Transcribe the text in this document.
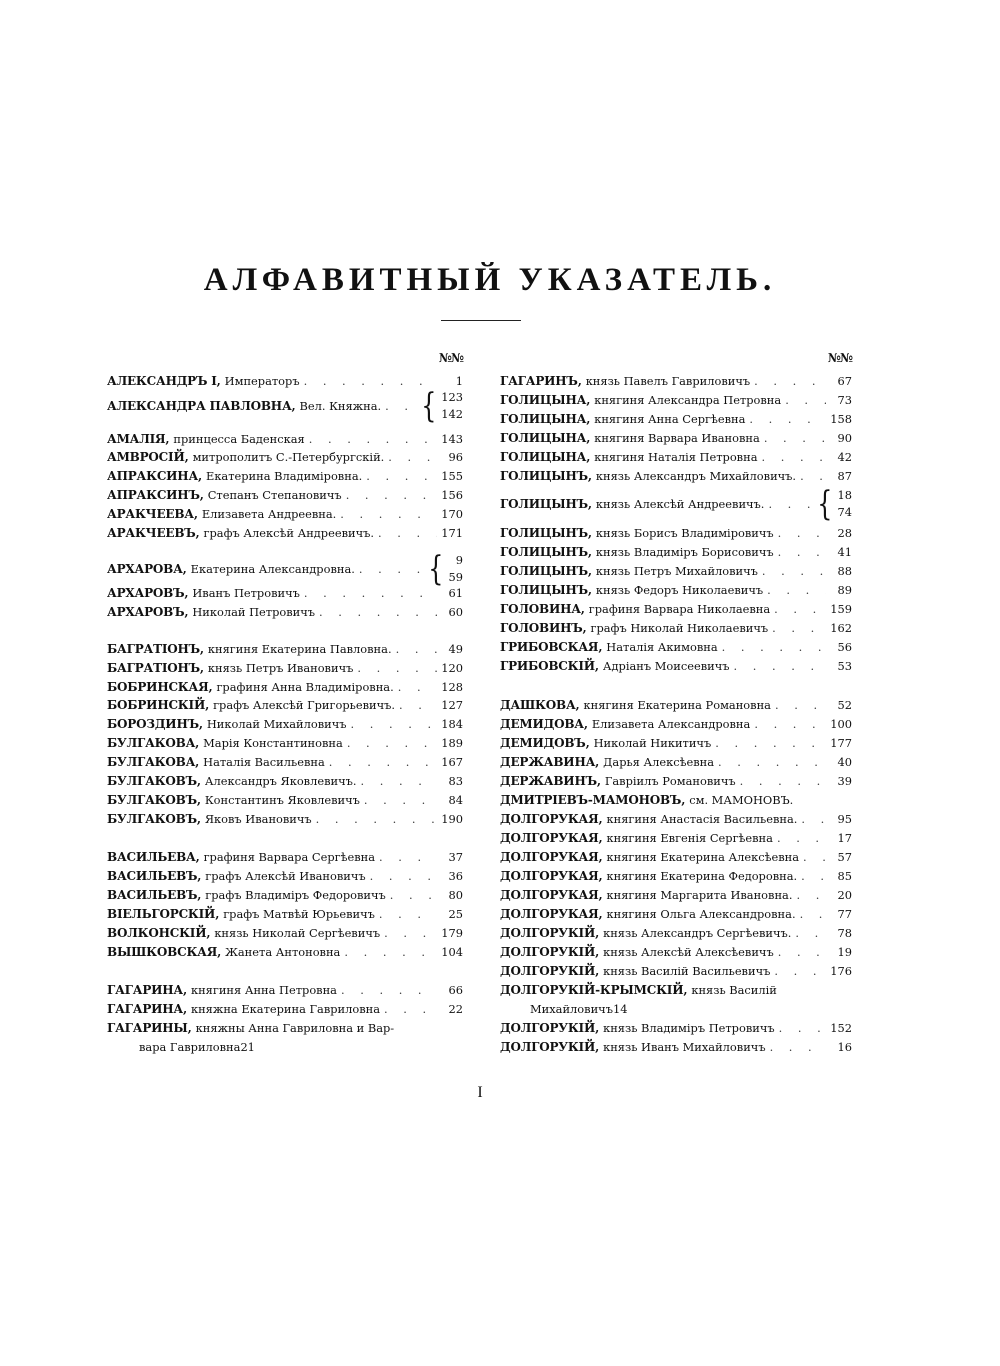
АЛФАВИТНЫЙ УКАЗАТЕЛЬ.
№№
АЛЕКСАНДРЪ I, Императоръ . . .	1
АЛЕКСАНДРА ПАВЛОВНА, Вел. Княжна. . . . { 123
142
АМАЛІЯ, принцесса Баденская . . .	143
АМВРОСІЙ, митрополитъ С.-Петербургскій. . . .	96
АПРАКСИНА, Екатерина Владиміровна. . . .	155
АПРАКСИНЪ, Степанъ Степановичъ . . .	156
АРАКЧЕЕВА, Елизавета Андреевна. . . .	170
АРАКЧЕЕВЪ, графъ Алексѣй Андреевичъ. . . .	171
АРХАРОВА, Екатерина Александровна. . . . {	9
59
АРХАРОВЪ, Иванъ Петровичъ . . .	61
АРХАРОВЪ, Николай Петровичъ . . .	60
БАГРАТІОНЪ, княгиня Екатерина Павловна. . . .	49
БАГРАТІОНЪ, князь Петръ Ивановичъ . . .	120
БОБРИНСКАЯ, графиня Анна Владиміровна. . . .	128
БОБРИНСКІЙ, графъ Алексѣй Григорьевичъ. . . .	127
БОРОЗДИНЪ, Николай Михайловичъ . . .	184
БУЛГАКОВА, Марія Константиновна . . .	189
БУЛГАКОВА, Наталія Васильевна . . .	167
БУЛГАКОВЪ, Александръ Яковлевичъ. . . .	83
БУЛГАКОВЪ, Константинъ Яковлевичъ . . .	84
БУЛГАКОВЪ, Яковъ Ивановичъ . . .	190
ВАСИЛЬЕВА, графиня Варвара Сергѣевна . . .	37
ВАСИЛЬЕВЪ, графъ Алексѣй Ивановичъ . . .	36
ВАСИЛЬЕВЪ, графъ Владиміръ Федоровичъ . . .	80
ВІЕЛЬГОРСКІЙ, графъ Матвѣй Юрьевичъ . . .	25
ВОЛКОНСКІЙ, князь Николай Сергѣевичъ . . .	179
ВЫШКОВСКАЯ, Жанета Антоновна . . .	104
ГАГАРИНА, княгиня Анна Петровна . . .	66
ГАГАРИНА, княжна Екатерина Гавриловна . . .	22
ГАГАРИНЫ, княжны Анна Гавриловна и Вар-
вара Гавриловна 21
№№
ГАГАРИНЪ, князь Павелъ Гавриловичъ . . .	67
ГОЛИЦЫНА, княгиня Александра Петровна . . .	73
ГОЛИЦЫНА, княгиня Анна Сергѣевна . . .	158
ГОЛИЦЫНА, княгиня Варвара Ивановна . . .	90
ГОЛИЦЫНА, княгиня Наталія Петровна . . .	42
ГОЛИЦЫНЪ, князь Александръ Михайловичъ. . . .	87
ГОЛИЦЫНЪ, князь Алексѣй Андреевичъ. . . . { 18
74
ГОЛИЦЫНЪ, князь Борисъ Владиміровичъ . . .	28
ГОЛИЦЫНЪ, князь Владиміръ Борисовичъ . . .	41
ГОЛИЦЫНЪ, князь Петръ Михайловичъ . . .	88
ГОЛИЦЫНЪ, князь Федоръ Николаевичъ . . .	89
ГОЛОВИНА, графиня Варвара Николаевна . . .	159
ГОЛОВИНЪ, графъ Николай Николаевичъ . . .	162
ГРИБОВСКАЯ, Наталія Акимовна . . .	56
ГРИБОВСКІЙ, Адріанъ Моисеевичъ . . .	53
ДАШКОВА, княгиня Екатерина Романовна . . .	52
ДЕМИДОВА, Елизавета Александровна . . .	100
ДЕМИДОВЪ, Николай Никитичъ . . .	177
ДЕРЖАВИНА, Дарья Алексѣевна . . .	40
ДЕРЖАВИНЪ, Гавріилъ Романовичъ . . .	39
ДМИТРІЕВЪ-МАМОНОВЪ, см. МАМОНОВЪ.
ДОЛГОРУКАЯ, княгиня Анастасія Васильевна. . . .	95
ДОЛГОРУКАЯ, княгиня Евгенія Сергѣевна . . .	17
ДОЛГОРУКАЯ, княгиня Екатерина Алексѣевна . . .	57
ДОЛГОРУКАЯ, княгиня Екатерина Федоровна. . . .	85
ДОЛГОРУКАЯ, княгиня Маргарита Ивановна. . . .	20
ДОЛГОРУКАЯ, княгиня Ольга Александровна. . . .	77
ДОЛГОРУКІЙ, князь Александръ Сергѣевичъ. . . .	78
ДОЛГОРУКІЙ, князь Алексѣй Алексѣевичъ . . .	19
ДОЛГОРУКІЙ, князь Василій Васильевичъ . . .	176
ДОЛГОРУКІЙ-КРЫМСКІЙ, князь Василій
Михайловичъ 14
ДОЛГОРУКІЙ, князь Владиміръ Петровичъ . . .	152
ДОЛГОРУКІЙ, князь Иванъ Михайловичъ . . .	16
I
